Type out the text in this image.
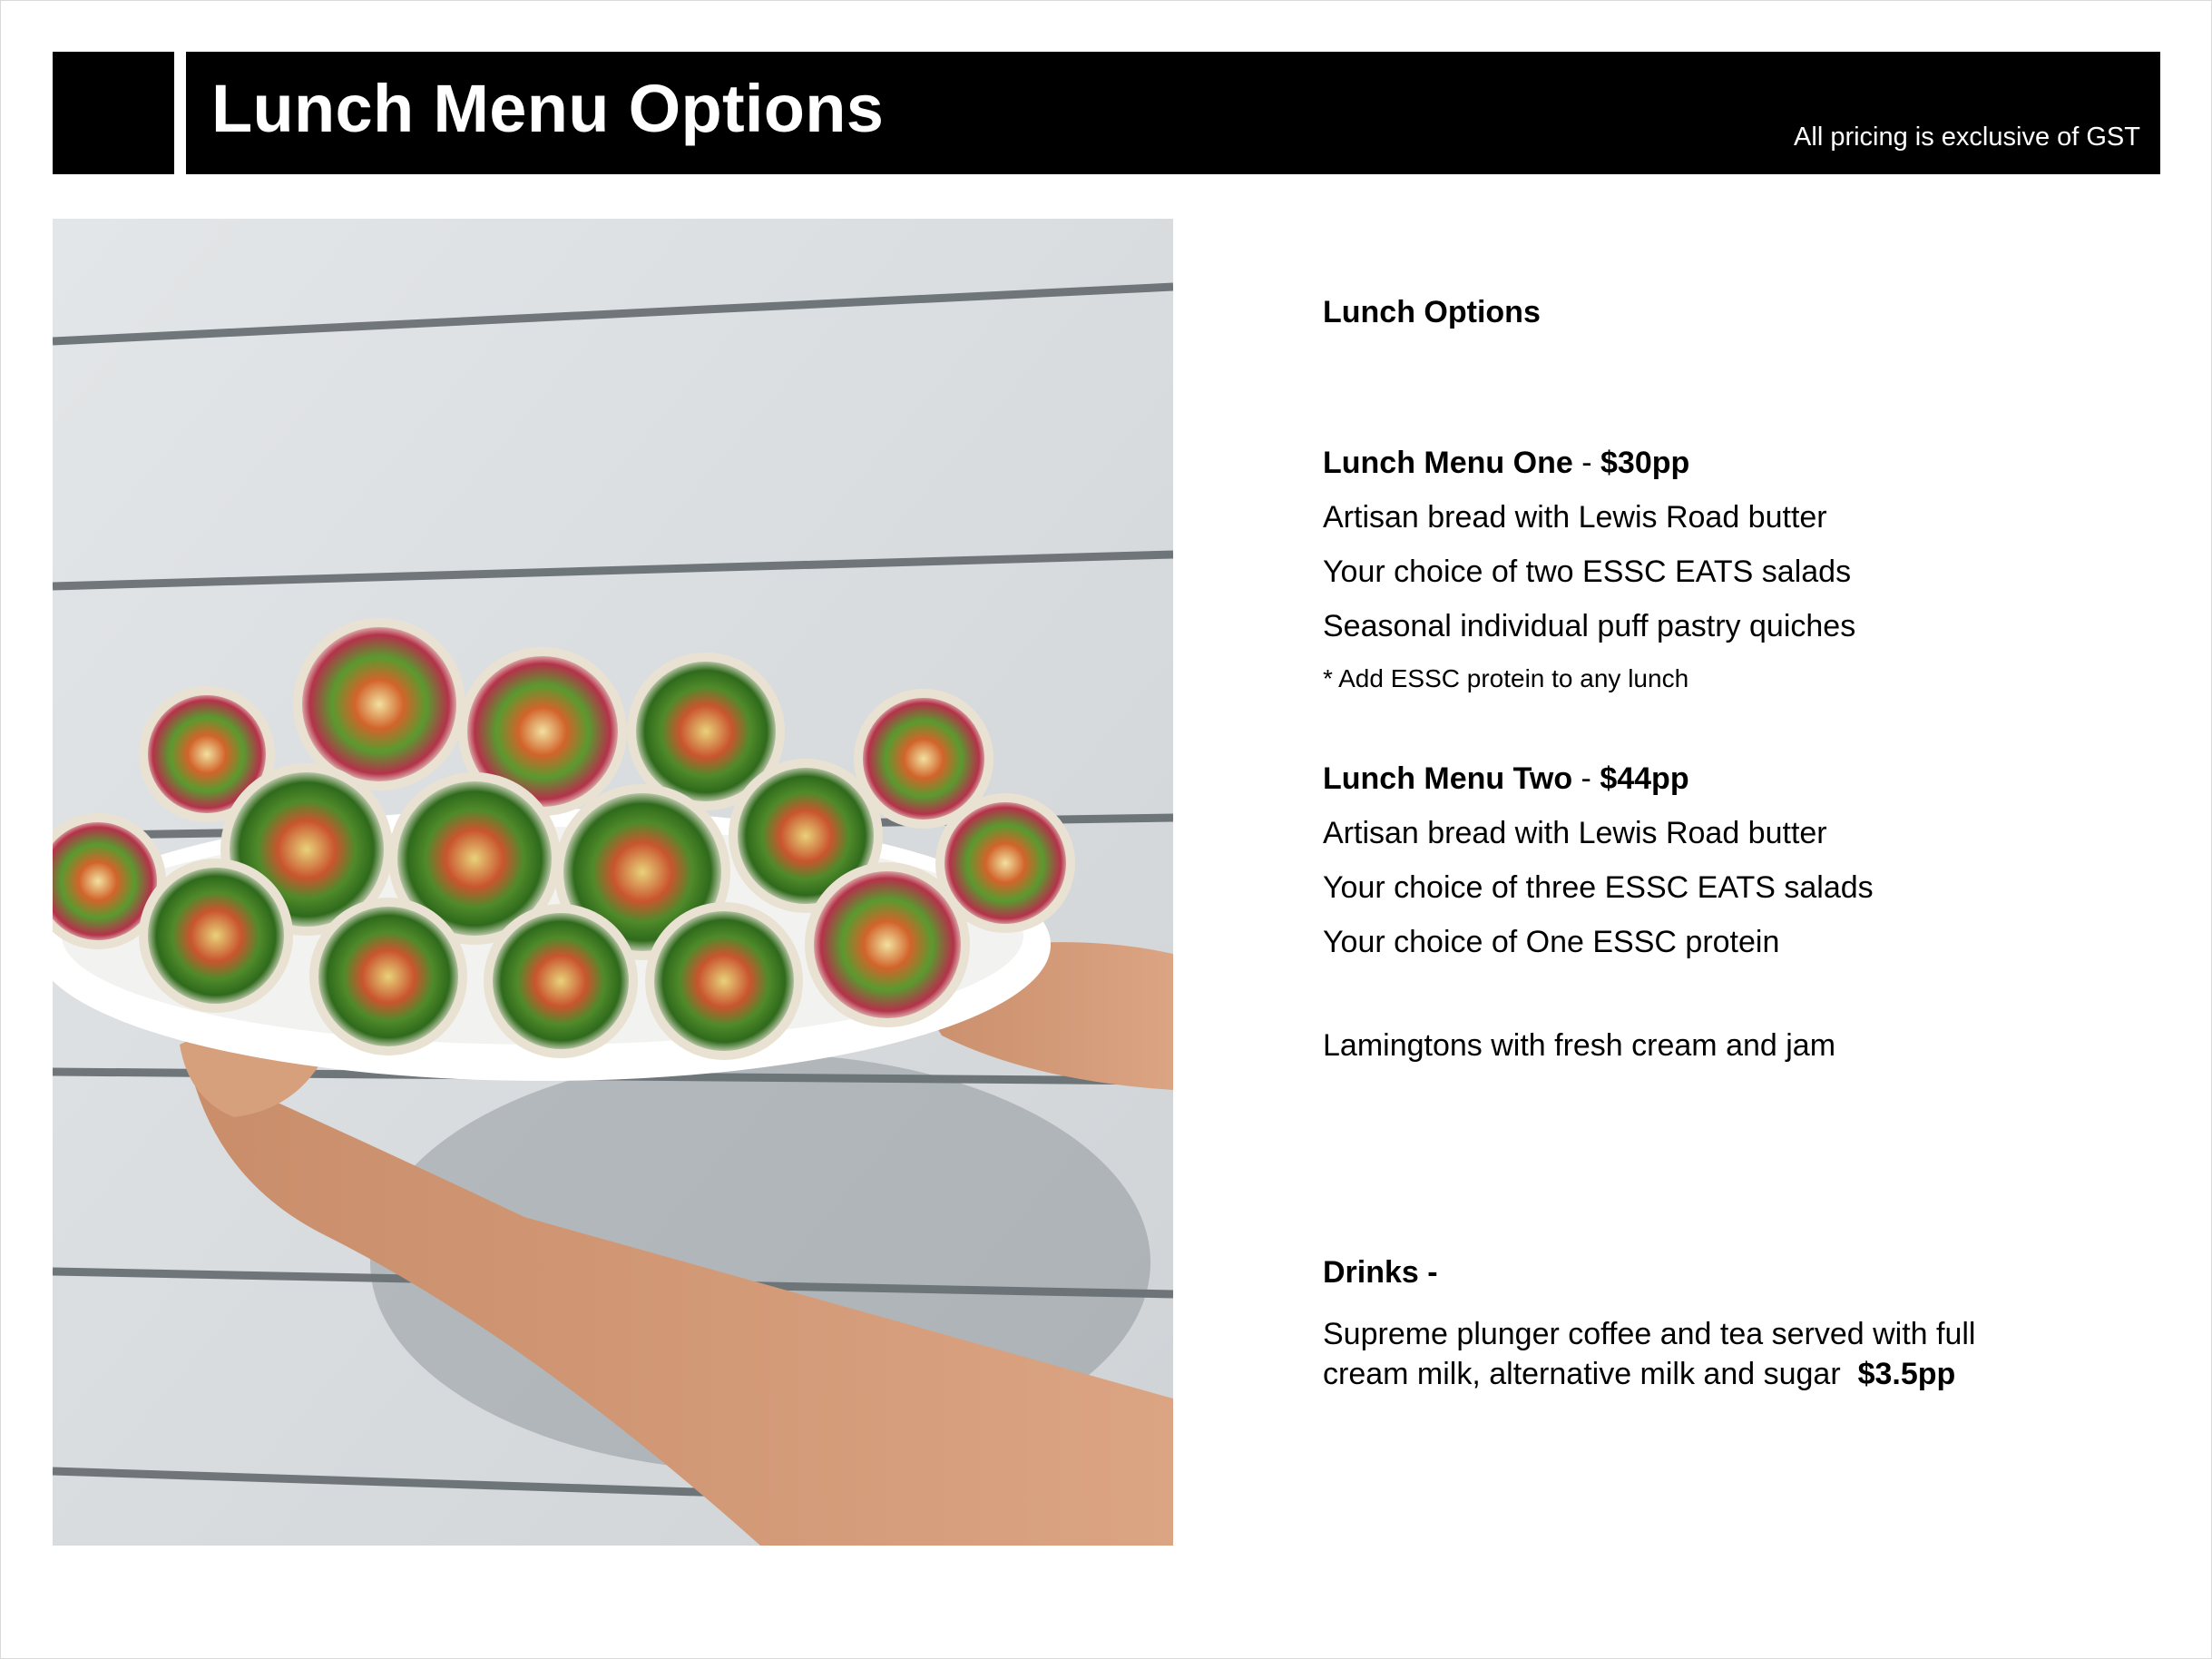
Lunch Menu Options	All pricing is exclusive of GST
Lunch Options
Lunch Menu One - $30pp
Artisan bread with Lewis Road butter
Your choice of two ESSC EATS salads
Seasonal individual puff pastry quiches
* Add ESSC protein to any lunch
Lunch Menu Two - $44pp
Artisan bread with Lewis Road butter
Your choice of three ESSC EATS salads
Your choice of One ESSC protein
Lamingtons with fresh cream and jam
Drinks -
Supreme plunger coffee and tea served with full
cream milk, alternative milk and sugar $3.5pp
